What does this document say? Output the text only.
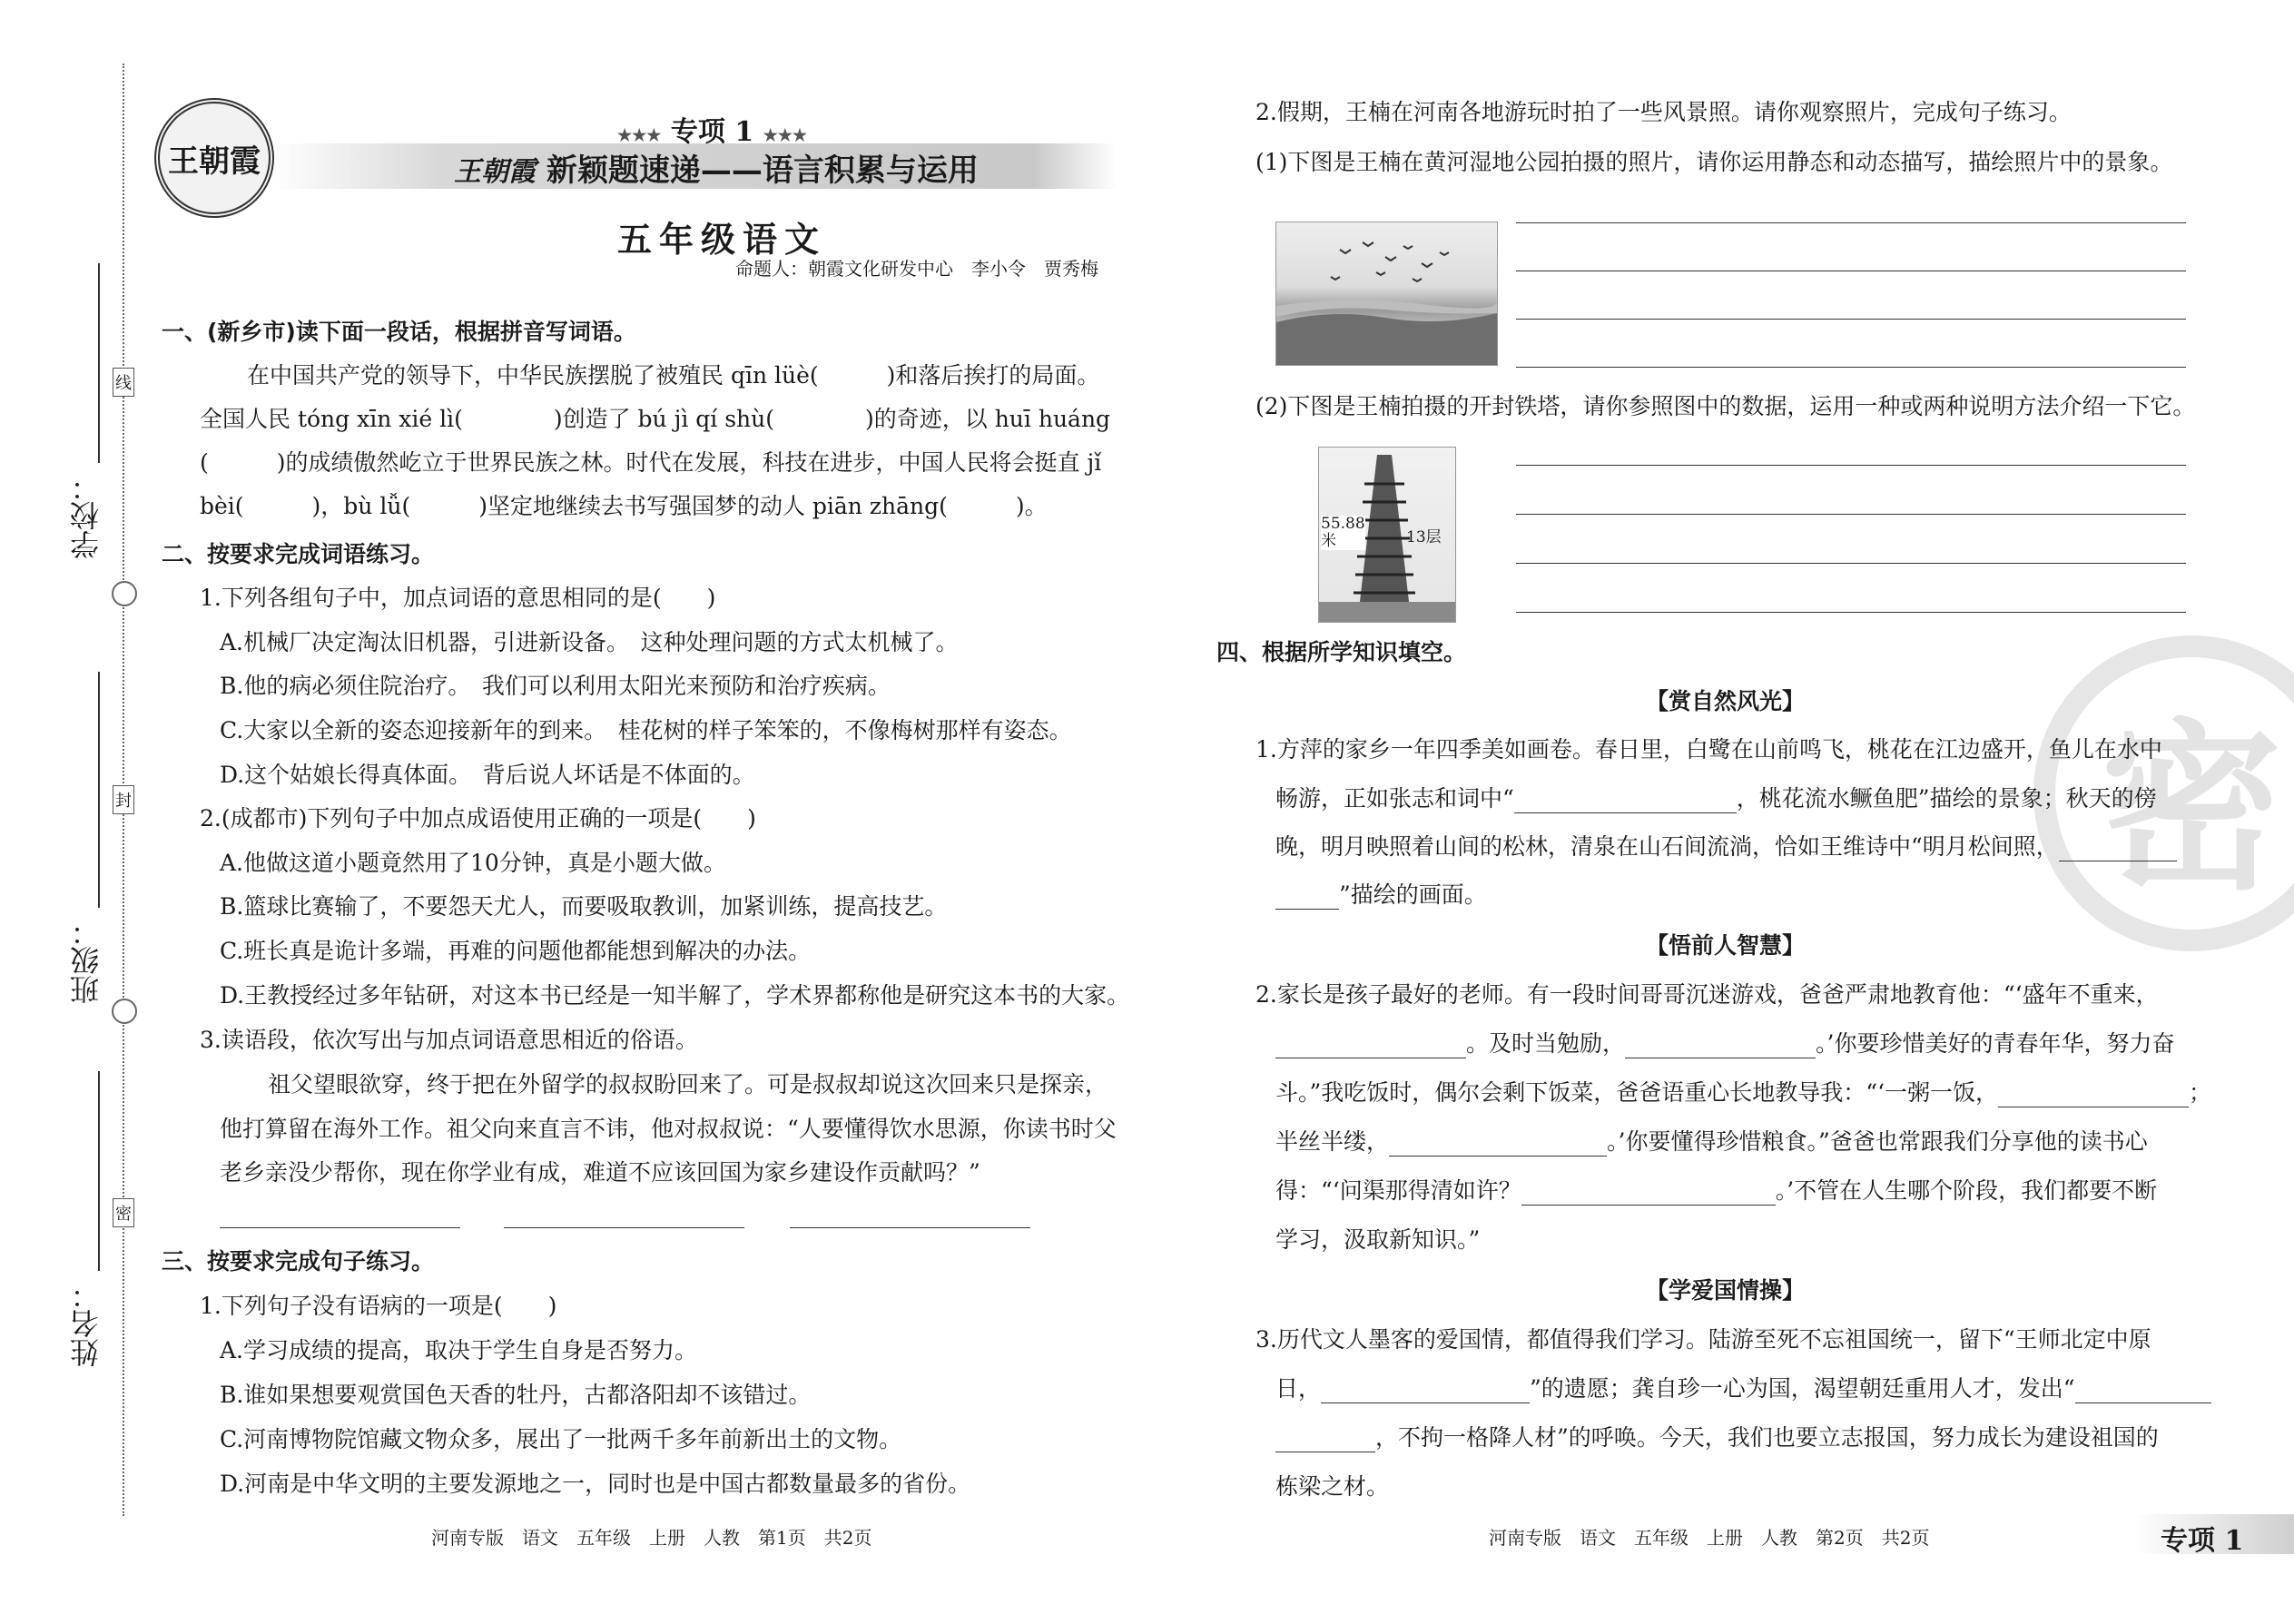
学校：
班级：
姓名：
线
封
密
王朝霞
★★★ 专项 1 ★★★
王朝霞 新颖题速递——语言积累与运用
五年级语文
命题人：朝霞文化研发中心　李小令　贾秀梅
一、(新乡市)读下面一段话，根据拼音写词语。
在中国共产党的领导下，中华民族摆脱了被殖民 qīn lüè(　　　)和落后挨打的局面。
全国人民 tóng xīn xié lì(　　　　)创造了 bú jì qí shù(　　　　)的奇迹，以 huī huáng
(　　　)的成绩傲然屹立于世界民族之林。时代在发展，科技在进步，中国人民将会挺直 jǐ
bèi(　　　)，bù lǚ(　　　)坚定地继续去书写强国梦的动人 piān zhāng(　　　)。
二、按要求完成词语练习。
1.下列各组句子中，加点词语的意思相同的是(　　)
A.机械厂决定淘汰旧机器，引进新设备。　这种处理问题的方式太机械了。
B.他的病必须住院治疗。　我们可以利用太阳光来预防和治疗疾病。
C.大家以全新的姿态迎接新年的到来。　桂花树的样子笨笨的，不像梅树那样有姿态。
D.这个姑娘长得真体面。　背后说人坏话是不体面的。
2.(成都市)下列句子中加点成语使用正确的一项是(　　)
A.他做这道小题竟然用了10分钟，真是小题大做。
B.篮球比赛输了，不要怨天尤人，而要吸取教训，加紧训练，提高技艺。
C.班长真是诡计多端，再难的问题他都能想到解决的办法。
D.王教授经过多年钻研，对这本书已经是一知半解了，学术界都称他是研究这本书的大家。
3.读语段，依次写出与加点词语意思相近的俗语。
祖父望眼欲穿，终于把在外留学的叔叔盼回来了。可是叔叔却说这次回来只是探亲，
他打算留在海外工作。祖父向来直言不讳，他对叔叔说：“人要懂得饮水思源，你读书时父
老乡亲没少帮你，现在你学业有成，难道不应该回国为家乡建设作贡献吗？”
三、按要求完成句子练习。
1.下列句子没有语病的一项是(　　)
A.学习成绩的提高，取决于学生自身是否努力。
B.谁如果想要观赏国色天香的牡丹，古都洛阳却不该错过。
C.河南博物院馆藏文物众多，展出了一批两千多年前新出土的文物。
D.河南是中华文明的主要发源地之一，同时也是中国古都数量最多的省份。
河南专版　语文　五年级　上册　人教　第1页　共2页
密
2.假期，王楠在河南各地游玩时拍了一些风景照。请你观察照片，完成句子练习。
(1)下图是王楠在黄河湿地公园拍摄的照片，请你运用静态和动态描写，描绘照片中的景象。
(2)下图是王楠拍摄的开封铁塔，请你参照图中的数据，运用一种或两种说明方法介绍一下它。
55.88
米	13层
四、根据所学知识填空。
【赏自然风光】
1.方萍的家乡一年四季美如画卷。春日里，白鹭在山前鸣飞，桃花在江边盛开，鱼儿在水中
畅游，正如张志和词中“	，桃花流水鳜鱼肥”描绘的景象；秋天的傍
晚，明月映照着山间的松林，清泉在山石间流淌，恰如王维诗中“明月松间照，
”描绘的画面。
【悟前人智慧】
2.家长是孩子最好的老师。有一段时间哥哥沉迷游戏，爸爸严肃地教育他：“‘盛年不重来，
。及时当勉励，	。’你要珍惜美好的青春年华，努力奋
斗。”我吃饭时，偶尔会剩下饭菜，爸爸语重心长地教导我：“‘一粥一饭，	；
半丝半缕，	。’你要懂得珍惜粮食。”爸爸也常跟我们分享他的读书心
得：“‘问渠那得清如许？	。’不管在人生哪个阶段，我们都要不断
学习，汲取新知识。”
【学爱国情操】
3.历代文人墨客的爱国情，都值得我们学习。陆游至死不忘祖国统一，留下“王师北定中原
日，	”的遗愿；龚自珍一心为国，渴望朝廷重用人才，发出“
，不拘一格降人材”的呼唤。今天，我们也要立志报国，努力成长为建设祖国的
栋梁之材。
河南专版　语文　五年级　上册　人教　第2页　共2页	专项 1
